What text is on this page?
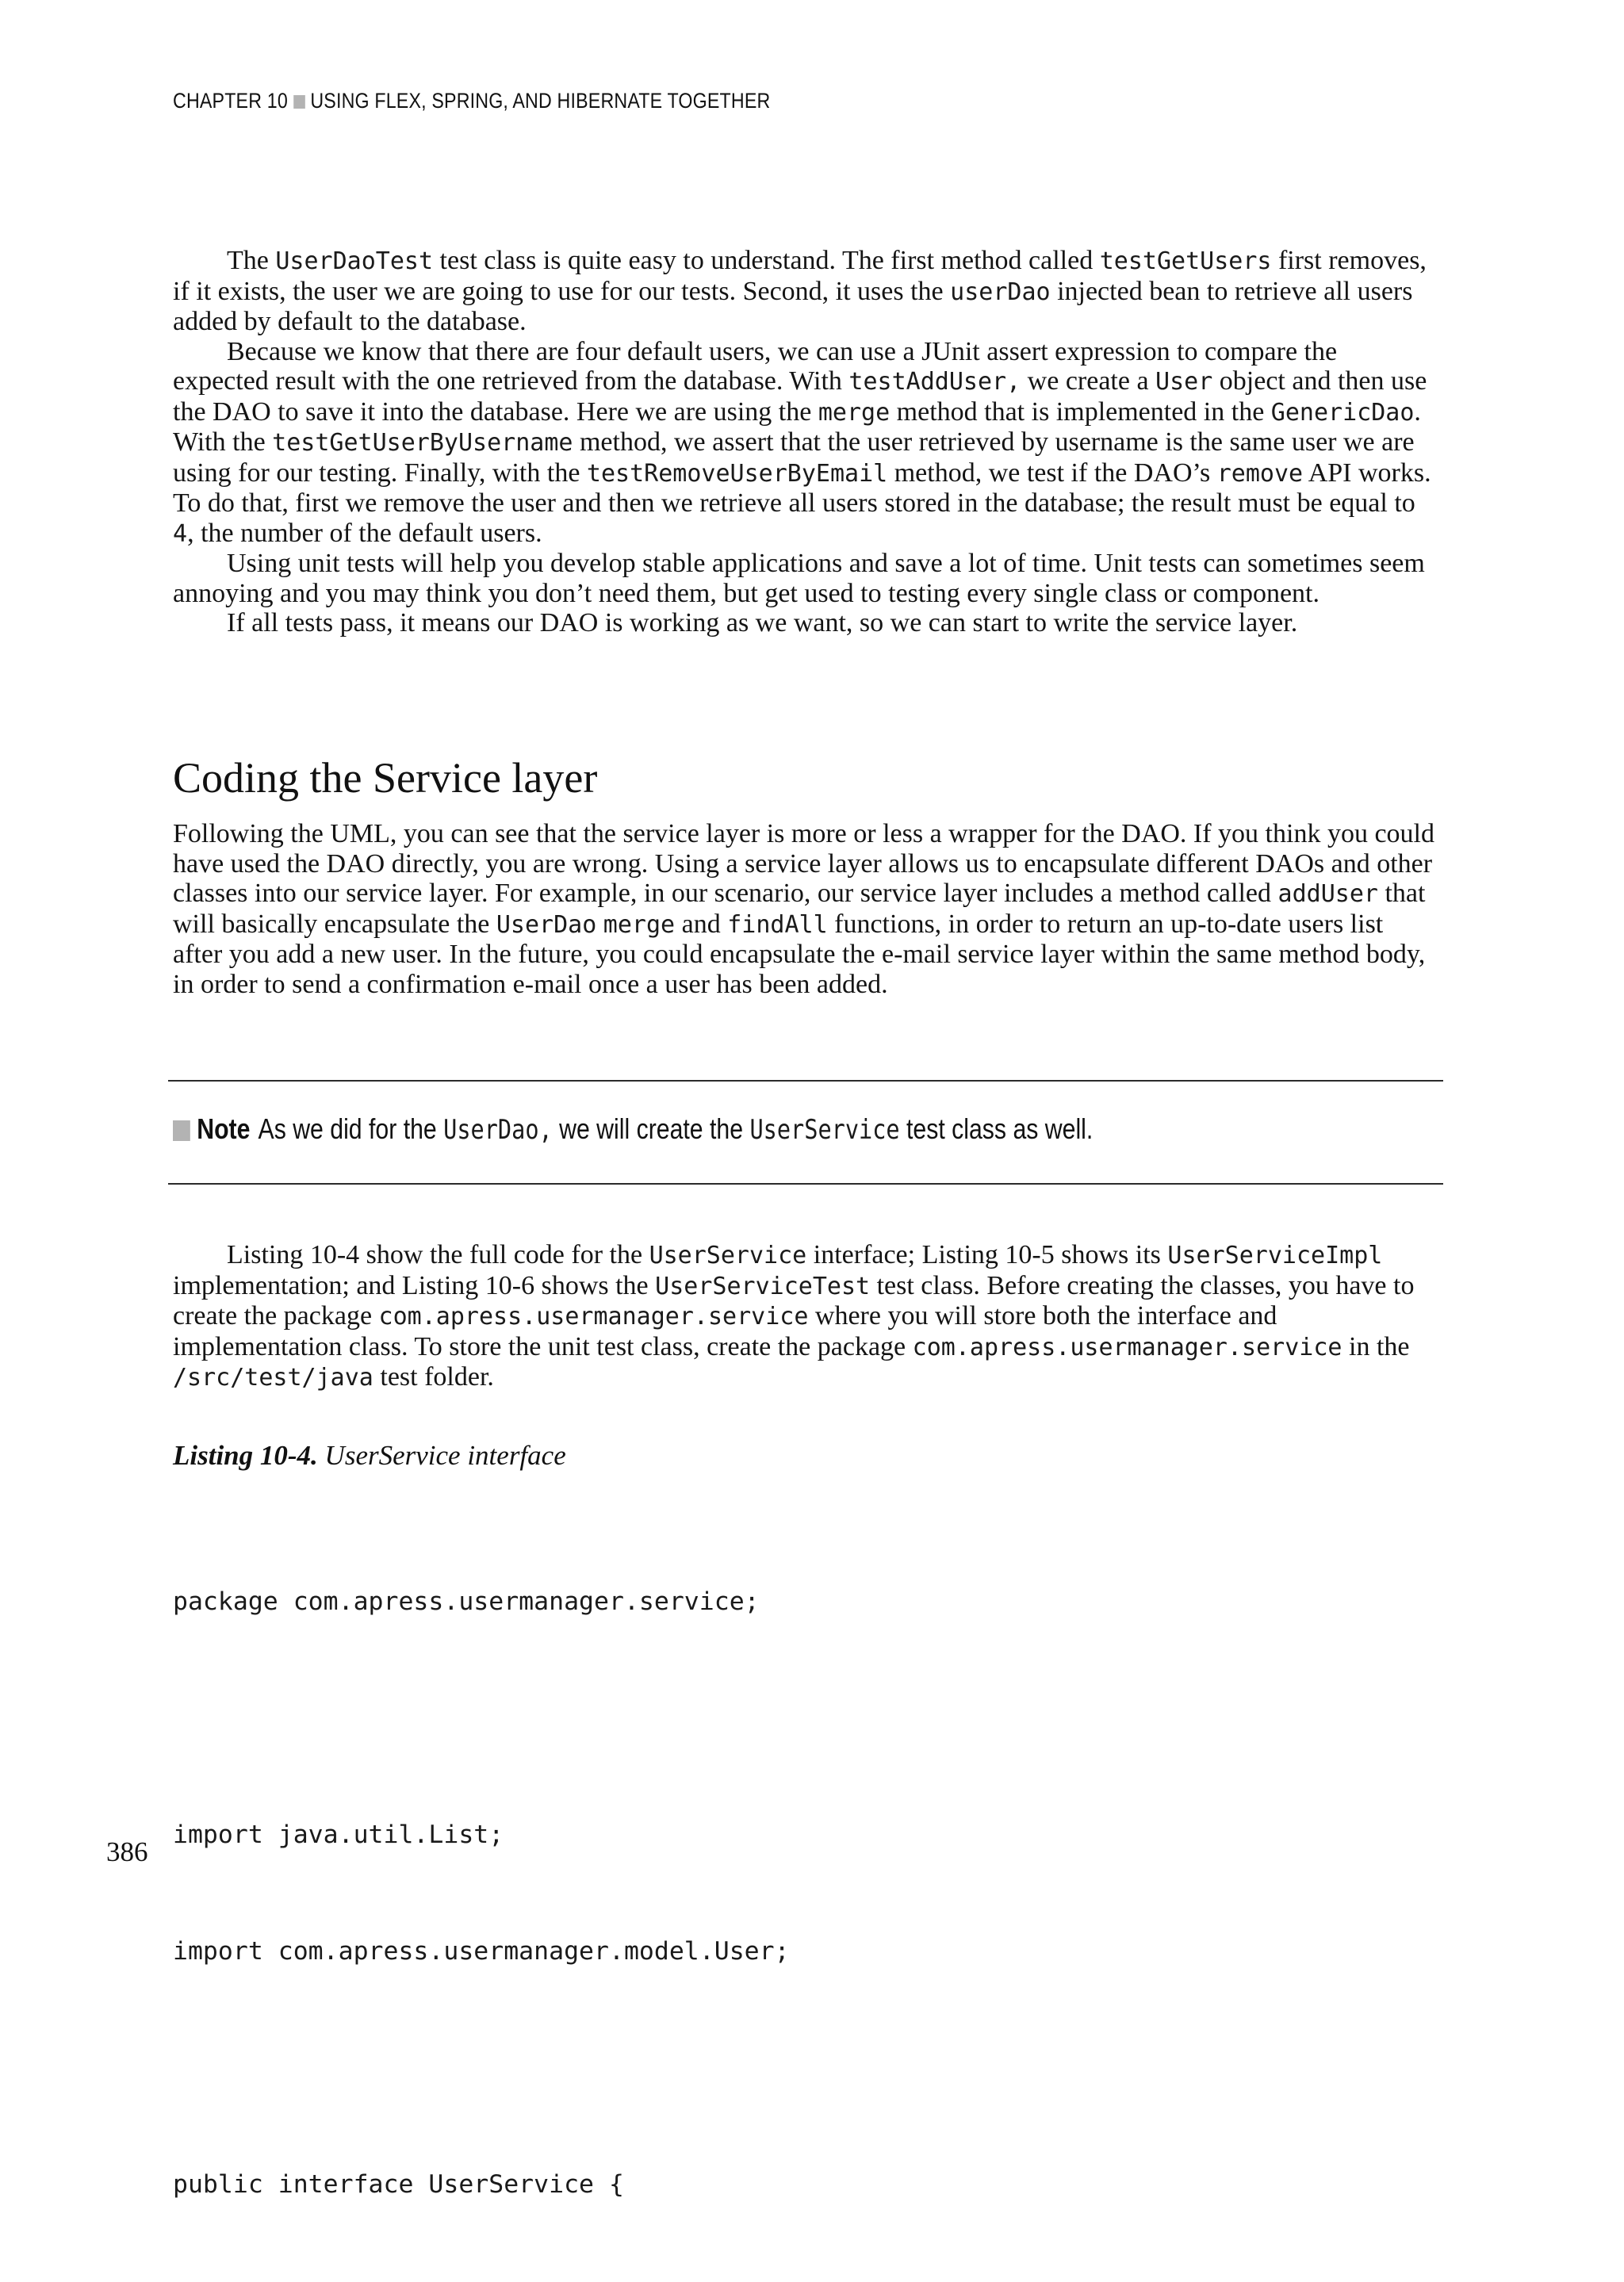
CHAPTER 10 USING FLEX, SPRING, AND HIBERNATE TOGETHER

The UserDaoTest test class is quite easy to understand. The first method called testGetUsers first removes, if it exists, the user we are going to use for our tests. Second, it uses the userDao injected bean to retrieve all users added by default to the database.

Because we know that there are four default users, we can use a JUnit assert expression to compare the expected result with the one retrieved from the database. With testAddUser, we create a User object and then use the DAO to save it into the database. Here we are using the merge method that is implemented in the GenericDao. With the testGetUserByUsername method, we assert that the user retrieved by username is the same user we are using for our testing. Finally, with the testRemoveUserByEmail method, we test if the DAO’s remove API works. To do that, first we remove the user and then we retrieve all users stored in the database; the result must be equal to 4, the number of the default users.

Using unit tests will help you develop stable applications and save a lot of time. Unit tests can sometimes seem annoying and you may think you don’t need them, but get used to testing every single class or component.

If all tests pass, it means our DAO is working as we want, so we can start to write the service layer.

Coding the Service layer

Following the UML, you can see that the service layer is more or less a wrapper for the DAO. If you think you could have used the DAO directly, you are wrong. Using a service layer allows us to encapsulate different DAOs and other classes into our service layer. For example, in our scenario, our service layer includes a method called addUser that will basically encapsulate the UserDao merge and findAll functions, in order to return an up-to-date users list after you add a new user. In the future, you could encapsulate the e-mail service layer within the same method body, in order to send a confirmation e-mail once a user has been added.

Note As we did for the UserDao, we will create the UserService test class as well.

Listing 10-4 show the full code for the UserService interface; Listing 10-5 shows its UserServiceImpl implementation; and Listing 10-6 shows the UserServiceTest test class. Before creating the classes, you have to create the package com.apress.usermanager.service where you will store both the interface and implementation class. To store the unit test class, create the package com.apress.usermanager.service in the /src/test/java test folder.

Listing 10-4. UserService interface

package com.apress.usermanager.service;

import java.util.List;

import com.apress.usermanager.model.User;

public interface UserService {

386
